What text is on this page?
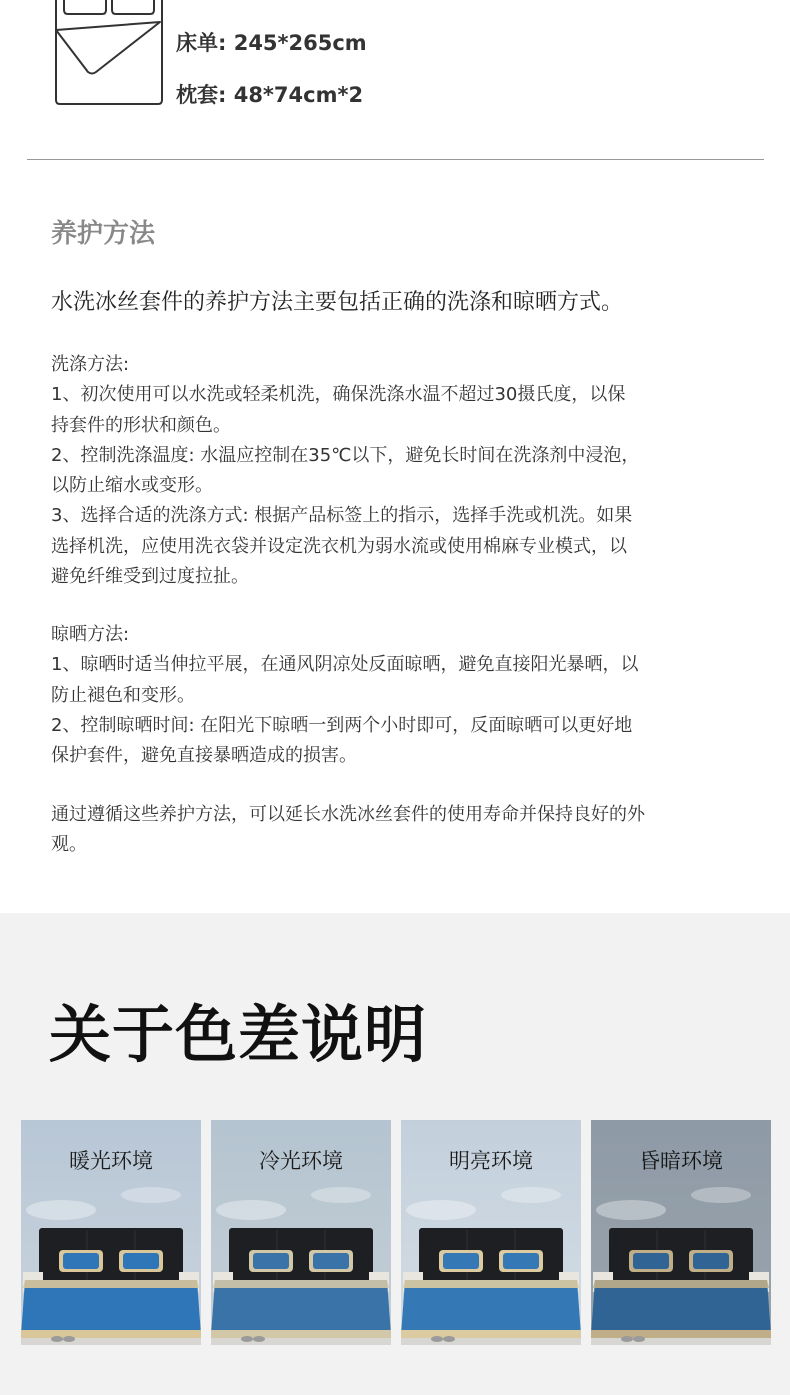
床单: 245*265cm
枕套: 48*74cm*2
养护方法
水洗冰丝套件的养护方法主要包括正确的洗涤和晾晒方式。

洗涤方法:

1、初次使用可以水洗或轻柔机洗，确保洗涤水温不超过30摄氏度，以保

持套件的形状和颜色。

2、控制洗涤温度: 水温应控制在35℃以下，避免长时间在洗涤剂中浸泡，

以防止缩水或变形。

3、选择合适的洗涤方式: 根据产品标签上的指示，选择手洗或机洗。如果

选择机洗，应使用洗衣袋并设定洗衣机为弱水流或使用棉麻专业模式，以

避免纤维受到过度拉扯。

晾晒方法:

1、晾晒时适当伸拉平展，在通风阴凉处反面晾晒，避免直接阳光暴晒，以

防止褪色和变形。

2、控制晾晒时间: 在阳光下晾晒一到两个小时即可，反面晾晒可以更好地

保护套件，避免直接暴晒造成的损害。

通过遵循这些养护方法，可以延长水洗冰丝套件的使用寿命并保持良好的外

观。

关于色差说明
暖光环境	冷光环境	明亮环境	昏暗环境
